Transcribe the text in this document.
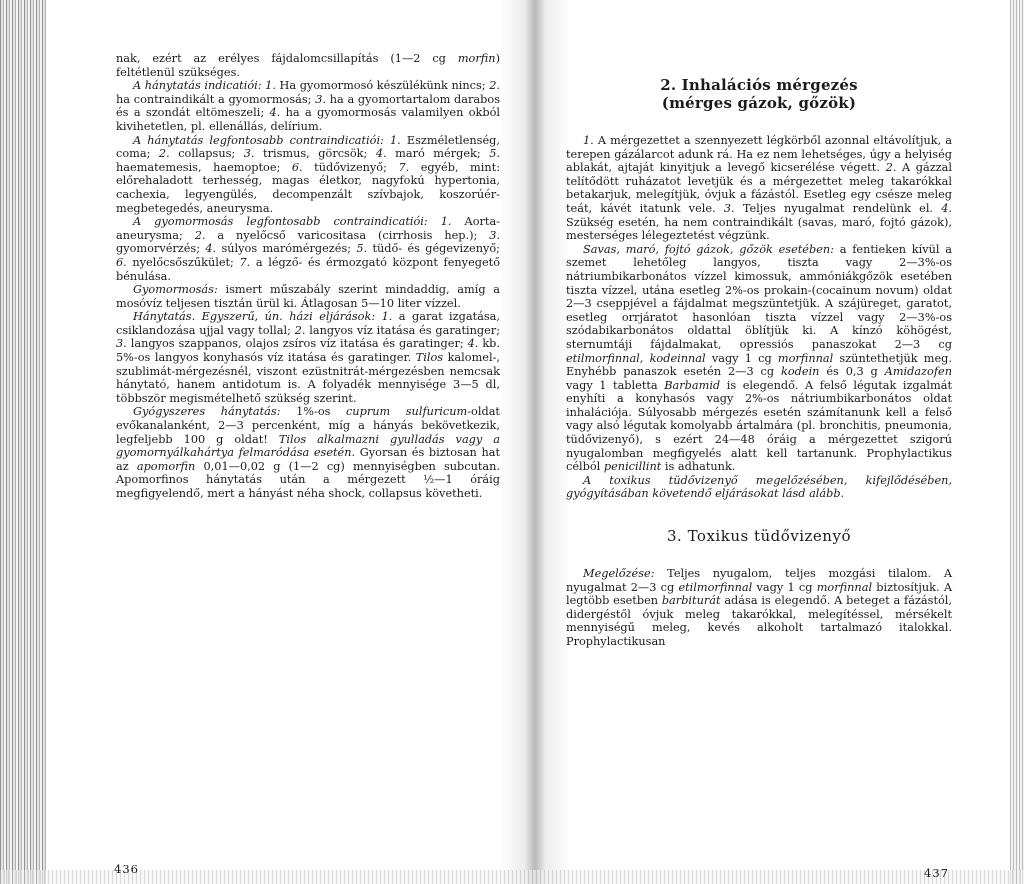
nak, ezért az erélyes fájdalomcsillapítás (1—2 cg morfin) feltétlenül szükséges.

A hánytatás indicatiói: 1. Ha gyomormosó készülékünk nincs; 2. ha contraindikált a gyomormosás; 3. ha a gyomortartalom darabos és a szondát eltömeszeli; 4. ha a gyomormosás valamilyen okból kivihetetlen, pl. ellenállás, delírium.

A hánytatás legfontosabb contraindicatiói: 1. Eszméletlenség, coma; 2. collapsus; 3. trismus, görcsök; 4. maró mérgek; 5. haematemesis, haemoptoe; 6. tüdővizenyő; 7. egyéb, mint: előrehaladott terhesség, magas életkor, nagyfokú hypertonia, cachexia, legyengülés, decompenzált szívbajok, koszorúér-megbetegedés, aneurysma.

A gyomormosás legfontosabb contraindicatiói: 1. Aorta-aneurysma; 2. a nyelőcső varicositasa (cirrhosis hep.); 3. gyomorvérzés; 4. súlyos marómérgezés; 5. tüdő- és gégevizenyő; 6. nyelőcsőszűkület; 7. a légző- és érmozgató központ fenyegető bénulása.

Gyomormosás: ismert műszabály szerint mindaddig, amíg a mosóvíz teljesen tisztán ürül ki. Átlagosan 5—10 liter vízzel.

Hánytatás. Egyszerű, ún. házi eljárások: 1. a garat izgatása, csiklandozása ujjal vagy tollal; 2. langyos víz itatása és garatinger; 3. langyos szappanos, olajos zsíros víz itatása és garatinger; 4. kb. 5%-os langyos konyhasós víz itatása és garatinger. Tilos kalomel-, szublimát-mérgezésnél, viszont ezüstnitrát-mérgezésben nemcsak hánytató, hanem antidotum is. A folyadék mennyisége 3—5 dl, többször megismételhető szükség szerint.

Gyógyszeres hánytatás: 1%-os cuprum sulfuricum-oldat evőkanalanként, 2—3 percenként, míg a hányás bekövetkezik, legfeljebb 100 g oldat! Tilos alkalmazni gyulladás vagy a gyomornyálkahártya felmaródása esetén. Gyorsan és biztosan hat az apomorfin 0,01—0,02 g (1—2 cg) mennyiségben subcutan. Apomorfinos hánytatás után a mérgezett ½—1 óráig megfigyelendő, mert a hányást néha shock, collapsus követheti.

436
2. Inhalációs mérgezés
(mérges gázok, gőzök)

1. A mérgezettet a szennyezett légkörből azonnal eltávolítjuk, a terepen gázálarcot adunk rá. Ha ez nem lehetséges, úgy a helyiség ablakát, ajtaját kinyitjuk a levegő kicserélése végett. 2. A gázzal telítődött ruházatot levetjük és a mérgezettet meleg takarókkal betakarjuk, melegítjük, óvjuk a fázástól. Esetleg egy csésze meleg teát, kávét itatunk vele. 3. Teljes nyugalmat rendelünk el. 4. Szükség esetén, ha nem contraindikált (savas, maró, fojtó gázok), mesterséges lélegeztetést végzünk.

Savas, maró, fojtó gázok, gőzök esetében: a fentieken kívül a szemet lehetőleg langyos, tiszta vagy 2—3%-os nátriumbikarbonátos vízzel kimossuk, ammóniákgőzök esetében tiszta vízzel, utána esetleg 2%-os prokain-(cocainum novum) oldat 2—3 cseppjével a fájdalmat megszüntetjük. A szájüreget, garatot, esetleg orrjáratot hasonlóan tiszta vízzel vagy 2—3%-os szódabikarbonátos oldattal öblítjük ki. A kínzó köhögést, sternumtáji fájdalmakat, opressiós panaszokat 2—3 cg etilmorfinnal, kodeinnal vagy 1 cg morfinnal szüntethetjük meg. Enyhébb panaszok esetén 2—3 cg kodein és 0,3 g Amidazofen vagy 1 tabletta Barbamid is elegendő. A felső légutak izgalmát enyhíti a konyhasós vagy 2%-os nátriumbikarbonátos oldat inhalációja. Súlyosabb mérgezés esetén számítanunk kell a felső vagy alsó légutak komolyabb ártalmára (pl. bronchitis, pneumonia, tüdővizenyő), s ezért 24—48 óráig a mérgezettet szigorú nyugalomban megfigyelés alatt kell tartanunk. Prophylactikus célból penicillint is adhatunk.

A toxikus tüdővizenyő megelőzésében, kifejlődésében, gyógyításában követendő eljárásokat lásd alább.

3. Toxikus tüdővizenyő

Megelőzése: Teljes nyugalom, teljes mozgási tilalom. A nyugalmat 2—3 cg etilmorfinnal vagy 1 cg morfinnal biztosítjuk. A legtöbb esetben barbiturát adása is elegendő. A beteget a fázástól, didergéstől óvjuk meleg takarókkal, melegítéssel, mérsékelt mennyiségű meleg, kevés alkoholt tartalmazó italokkal. Prophylactikusan

437
